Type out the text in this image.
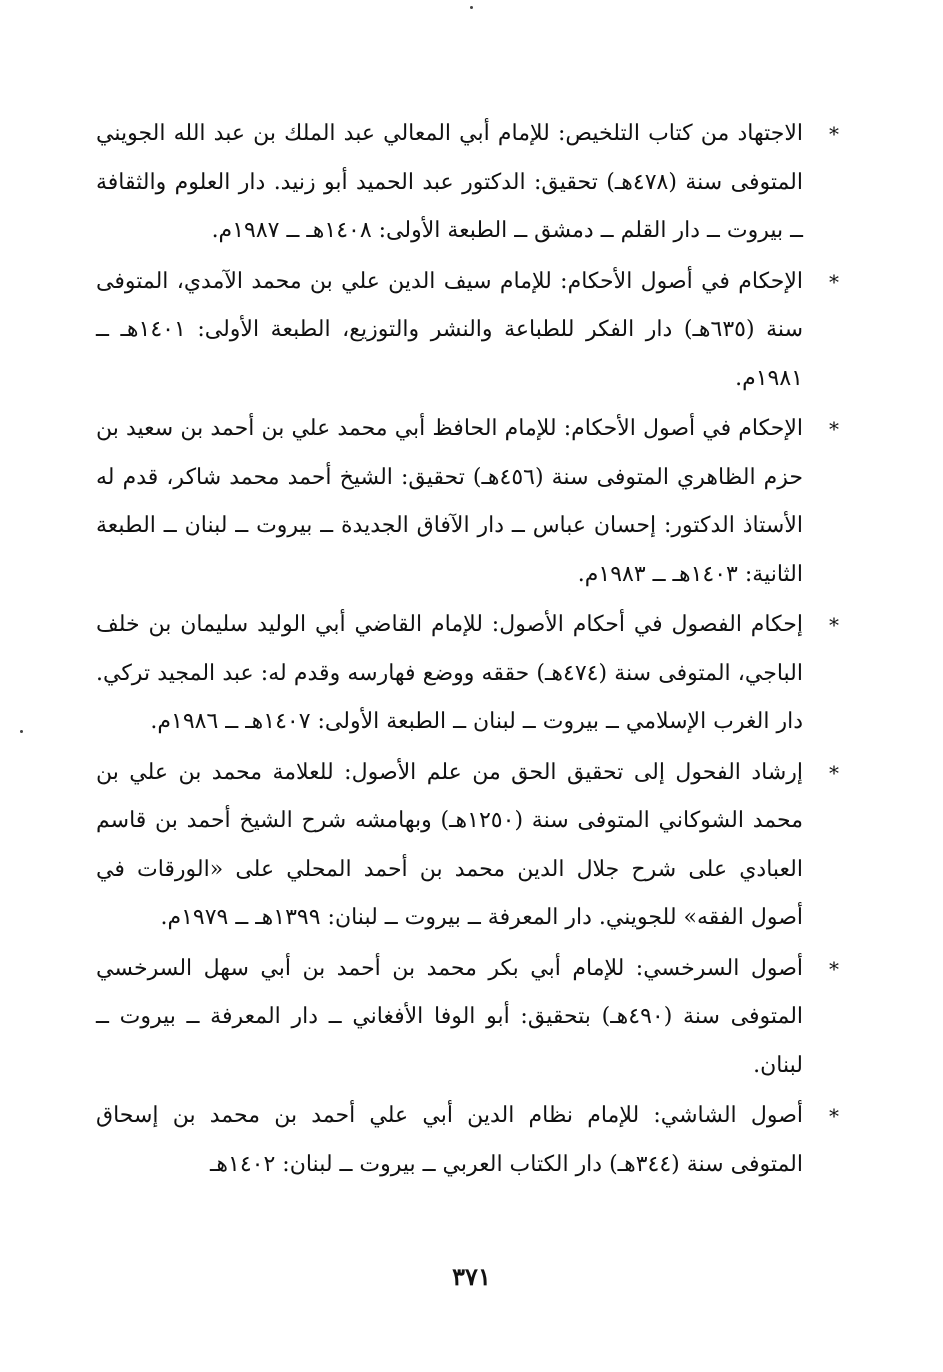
*
الاجتهاد من كتاب التلخيص: للإمام أبي المعالي عبد الملك بن عبد الله الجويني المتوفى سنة (٤٧٨هـ) تحقيق: الدكتور عبد الحميد أبو زنيد. دار العلوم والثقافة ــ بيروت ــ دار القلم ــ دمشق ــ الطبعة الأولى: ١٤٠٨هـ ــ ١٩٨٧م.

*
الإحكام في أصول الأحكام: للإمام سيف الدين علي بن محمد الآمدي، المتوفى سنة (٦٣٥هـ) دار الفكر للطباعة والنشر والتوزيع، الطبعة الأولى: ١٤٠١هـ ــ ١٩٨١م.

*
الإحكام في أصول الأحكام: للإمام الحافظ أبي محمد علي بن أحمد بن سعيد بن حزم الظاهري المتوفى سنة (٤٥٦هـ) تحقيق: الشيخ أحمد محمد شاكر، قدم له الأستاذ الدكتور: إحسان عباس ــ دار الآفاق الجديدة ــ بيروت ــ لبنان ــ الطبعة الثانية: ١٤٠٣هـ ــ ١٩٨٣م.

*
إحكام الفصول في أحكام الأصول: للإمام القاضي أبي الوليد سليمان بن خلف الباجي، المتوفى سنة (٤٧٤هـ) حققه ووضع فهارسه وقدم له: عبد المجيد تركي. دار الغرب الإسلامي ــ بيروت ــ لبنان ــ الطبعة الأولى: ١٤٠٧هـ ــ ١٩٨٦م.

*
إرشاد الفحول إلى تحقيق الحق من علم الأصول: للعلامة محمد بن علي بن محمد الشوكاني المتوفى سنة (١٢٥٠هـ) وبهامشه شرح الشيخ أحمد بن قاسم العبادي على شرح جلال الدين محمد بن أحمد المحلي على «الورقات في أصول الفقه» للجويني. دار المعرفة ــ بيروت ــ لبنان: ١٣٩٩هـ ــ ١٩٧٩م.

*
أصول السرخسي: للإمام أبي بكر محمد بن أحمد بن أبي سهل السرخسي المتوفى سنة (٤٩٠هـ) بتحقيق: أبو الوفا الأفغاني ــ دار المعرفة ــ بيروت ــ لبنان.

*
أصول الشاشي: للإمام نظام الدين أبي علي أحمد بن محمد بن إسحاق المتوفى سنة (٣٤٤هـ) دار الكتاب العربي ــ بيروت ــ لبنان: ١٤٠٢هـ

٣٧١
